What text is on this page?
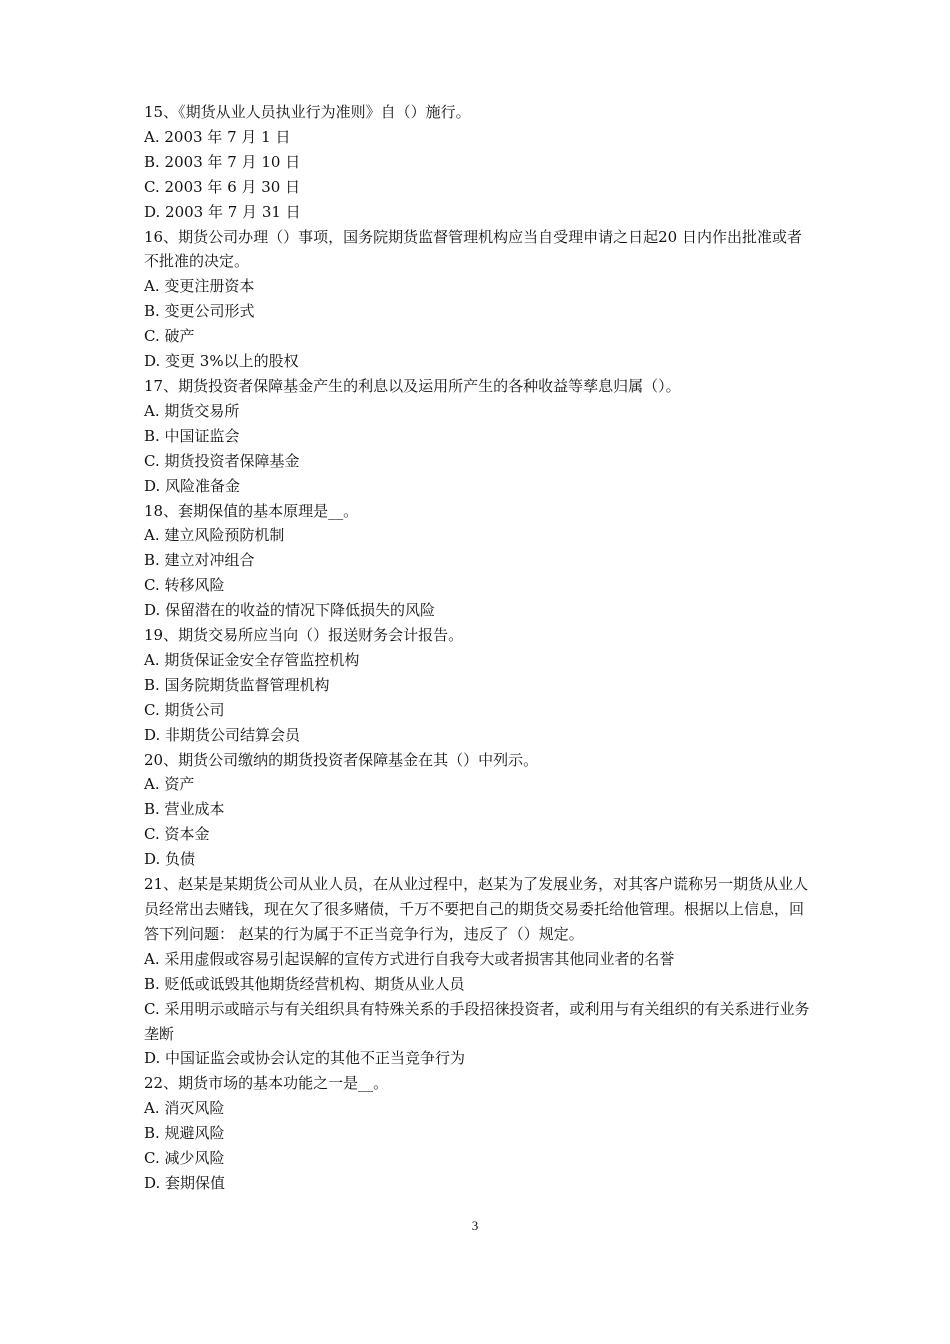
15、《期货从业人员执业行为准则》自（）施行。
A. 2003 年 7 月 1 日
B. 2003 年 7 月 10 日
C. 2003 年 6 月 30 日
D. 2003 年 7 月 31 日
16、期货公司办理（）事项，国务院期货监督管理机构应当自受理申请之日起20 日内作出批准或者不批准的决定。
A. 变更注册资本
B. 变更公司形式
C. 破产
D. 变更 3%以上的股权
17、期货投资者保障基金产生的利息以及运用所产生的各种收益等孳息归属（）。
A. 期货交易所
B. 中国证监会
C. 期货投资者保障基金
D. 风险准备金
18、套期保值的基本原理是__。
A. 建立风险预防机制
B. 建立对冲组合
C. 转移风险
D. 保留潜在的收益的情况下降低损失的风险
19、期货交易所应当向（）报送财务会计报告。
A. 期货保证金安全存管监控机构
B. 国务院期货监督管理机构
C. 期货公司
D. 非期货公司结算会员
20、期货公司缴纳的期货投资者保障基金在其（）中列示。
A. 资产
B. 营业成本
C. 资本金
D. 负债
21、赵某是某期货公司从业人员，在从业过程中，赵某为了发展业务，对其客户谎称另一期货从业人员经常出去赌钱，现在欠了很多赌债，千万不要把自己的期货交易委托给他管理。根据以上信息，回答下列问题： 赵某的行为属于不正当竞争行为，违反了（）规定。
A. 采用虚假或容易引起误解的宣传方式进行自我夸大或者损害其他同业者的名誉
B. 贬低或诋毁其他期货经营机构、期货从业人员
C. 采用明示或暗示与有关组织具有特殊关系的手段招徕投资者，或利用与有关组织的有关系进行业务垄断
D. 中国证监会或协会认定的其他不正当竞争行为
22、期货市场的基本功能之一是__。
A. 消灭风险
B. 规避风险
C. 减少风险
D. 套期保值
3
